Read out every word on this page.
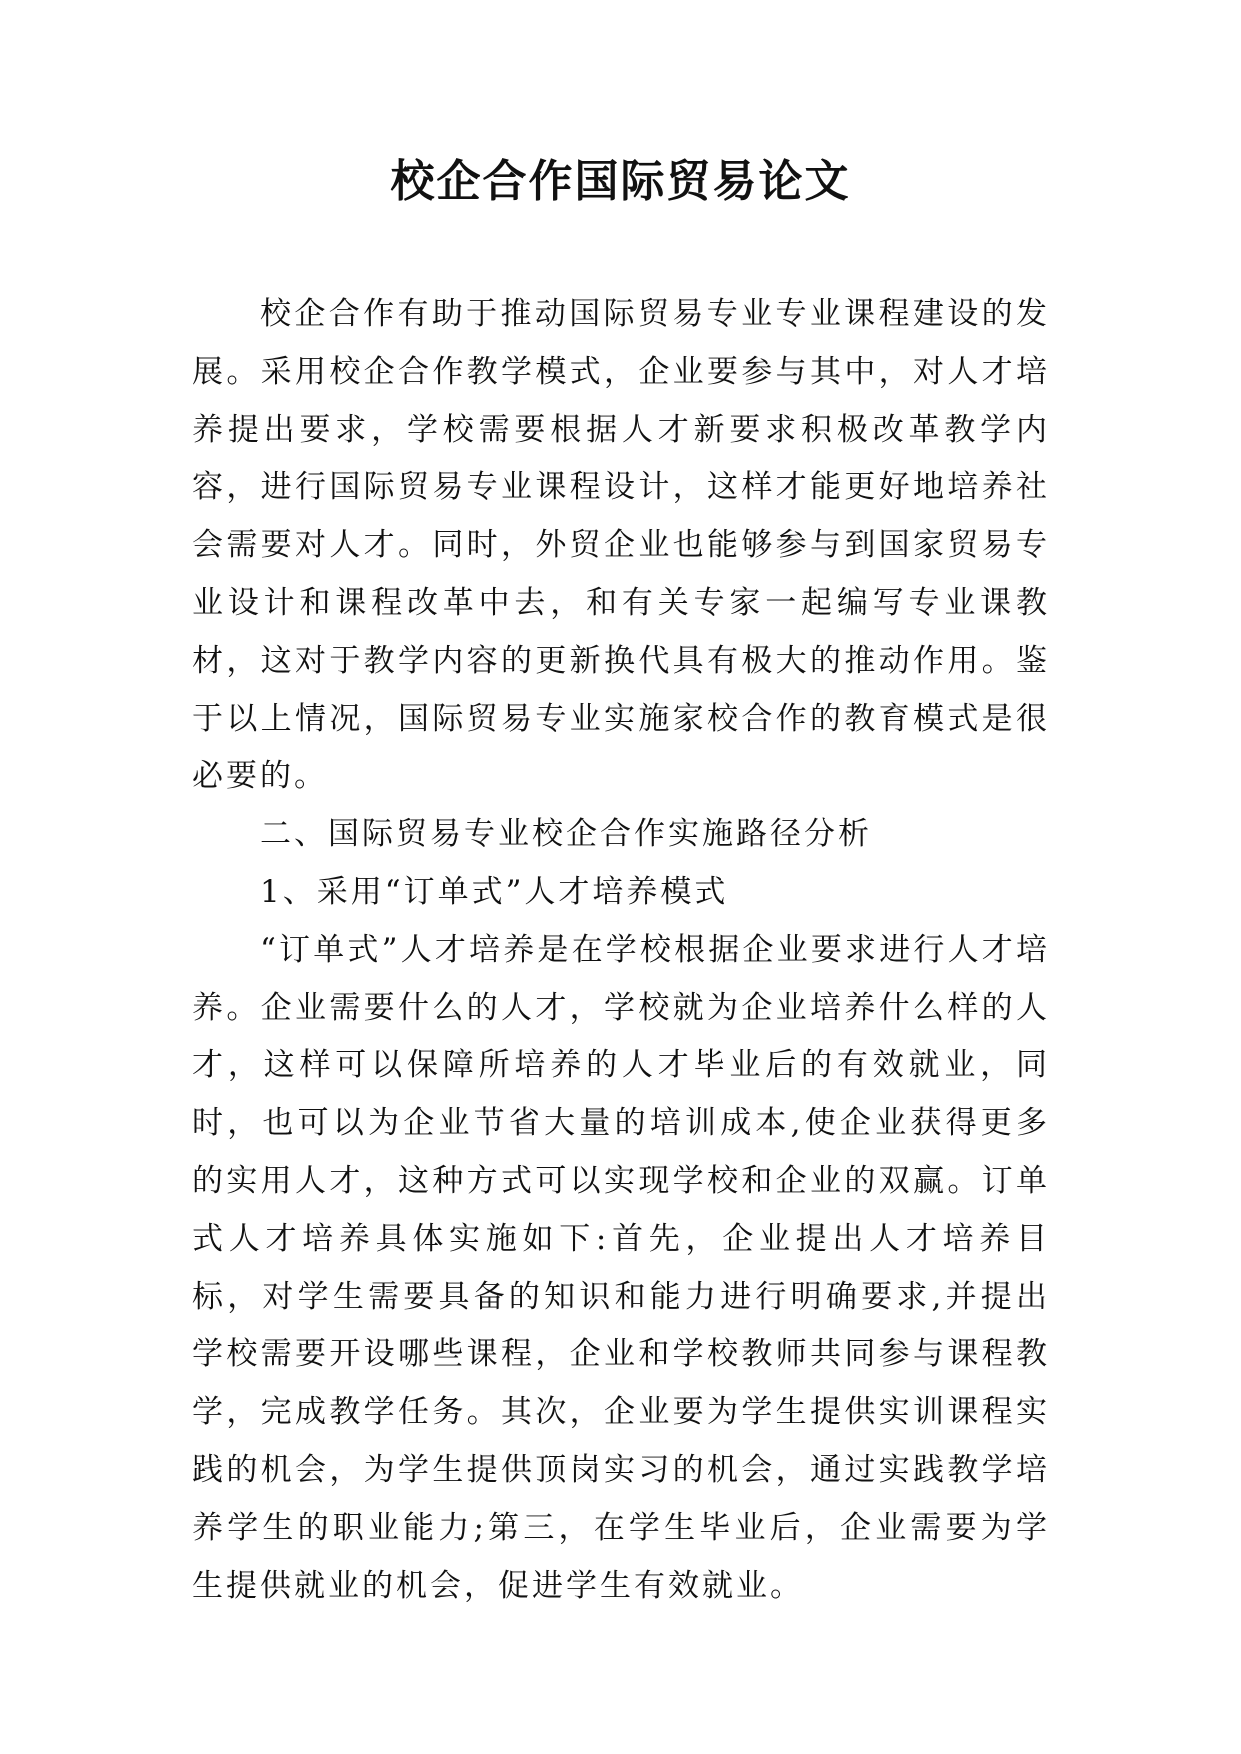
校企合作国际贸易论文

校企合作有助于推动国际贸易专业专业课程建设的发展。采用校企合作教学模式，企业要参与其中，对人才培养提出要求，学校需要根据人才新要求积极改革教学内容，进行国际贸易专业课程设计，这样才能更好地培养社会需要对人才。同时，外贸企业也能够参与到国家贸易专业设计和课程改革中去，和有关专家一起编写专业课教材，这对于教学内容的更新换代具有极大的推动作用。鉴于以上情况，国际贸易专业实施家校合作的教育模式是很必要的。

二、国际贸易专业校企合作实施路径分析

1、采用“订单式”人才培养模式

“订单式”人才培养是在学校根据企业要求进行人才培养。企业需要什么的人才，学校就为企业培养什么样的人才，这样可以保障所培养的人才毕业后的有效就业，同时，也可以为企业节省大量的培训成本,使企业获得更多的实用人才，这种方式可以实现学校和企业的双赢。订单式人才培养具体实施如下:首先，企业提出人才培养目标，对学生需要具备的知识和能力进行明确要求,并提出学校需要开设哪些课程，企业和学校教师共同参与课程教学，完成教学任务。其次，企业要为学生提供实训课程实践的机会，为学生提供顶岗实习的机会，通过实践教学培养学生的职业能力;第三，在学生毕业后，企业需要为学生提供就业的机会，促进学生有效就业。
